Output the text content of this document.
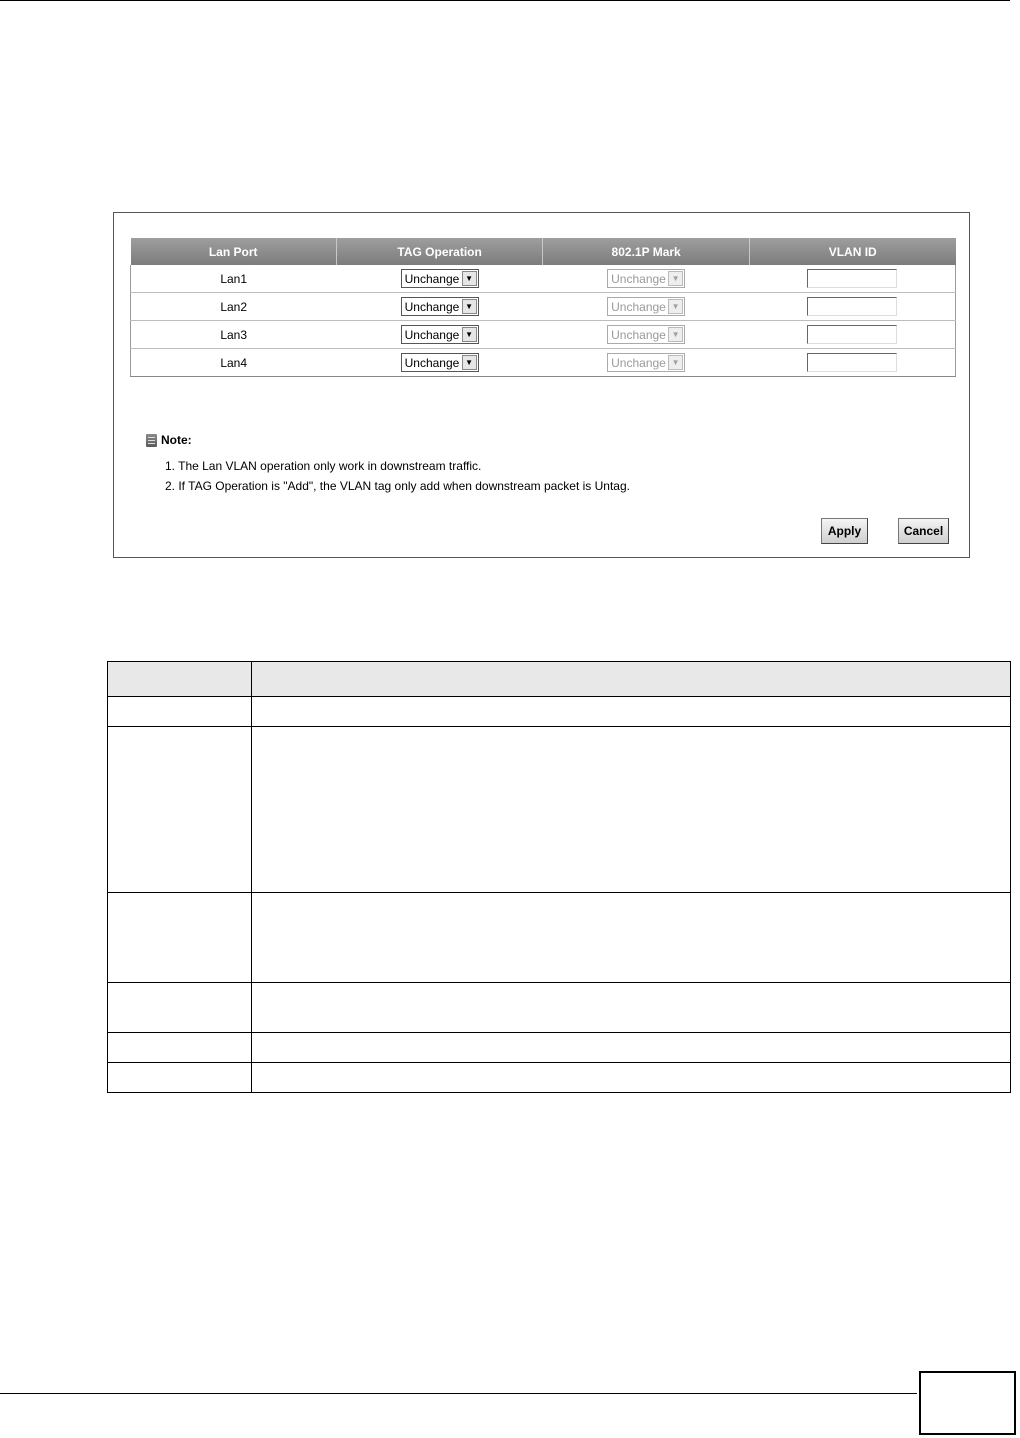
Lan Port	TAG Operation	802.1P Mark	VLAN ID
Lan1	Unchange ▼	Unchange ▼

Lan2	Unchange ▼	Unchange ▼

Lan3	Unchange ▼	Unchange ▼

Lan4	Unchange ▼	Unchange ▼

Note:
1. The Lan VLAN operation only work in downstream traffic.
2. If TAG Operation is "Add", the VLAN tag only add when downstream packet is Untag.
Apply	Cancel
